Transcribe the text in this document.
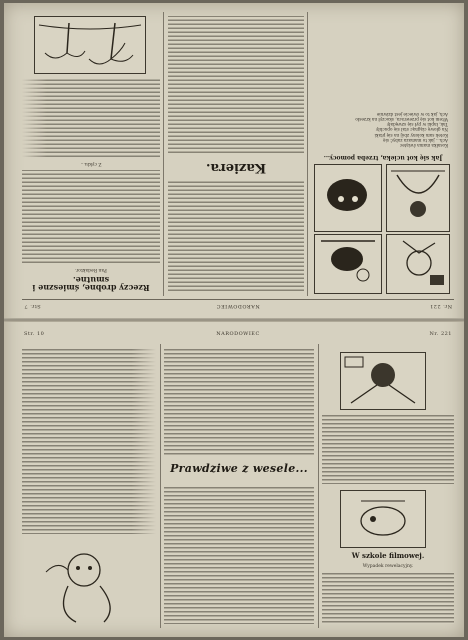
Nr. 221
NARODOWIEC
Str. 7
Jak się kot ucieka, trzeba pomocy...
Kosałka mama świątec
Ach... jak to mamaza zabyć się
Kotek sam kolony zbój na się ptaki
Na głowę ciągnąc stał się opuchły
Tak, łapki w pył się szwędały
Wtem kot się przewraca, skoczył na krzesło
Ach, jak to w świecie jest dziwnie
Kaziera.
Rzeczy drobne, śmieszne i smutne.
Pan Redaktor.
Z cyklu...
Str. 10	NARODOWIEC	Nr. 221
Prawdziwe z wesele...
W szkole filmowej.
Wypadek rewelacyjny.
